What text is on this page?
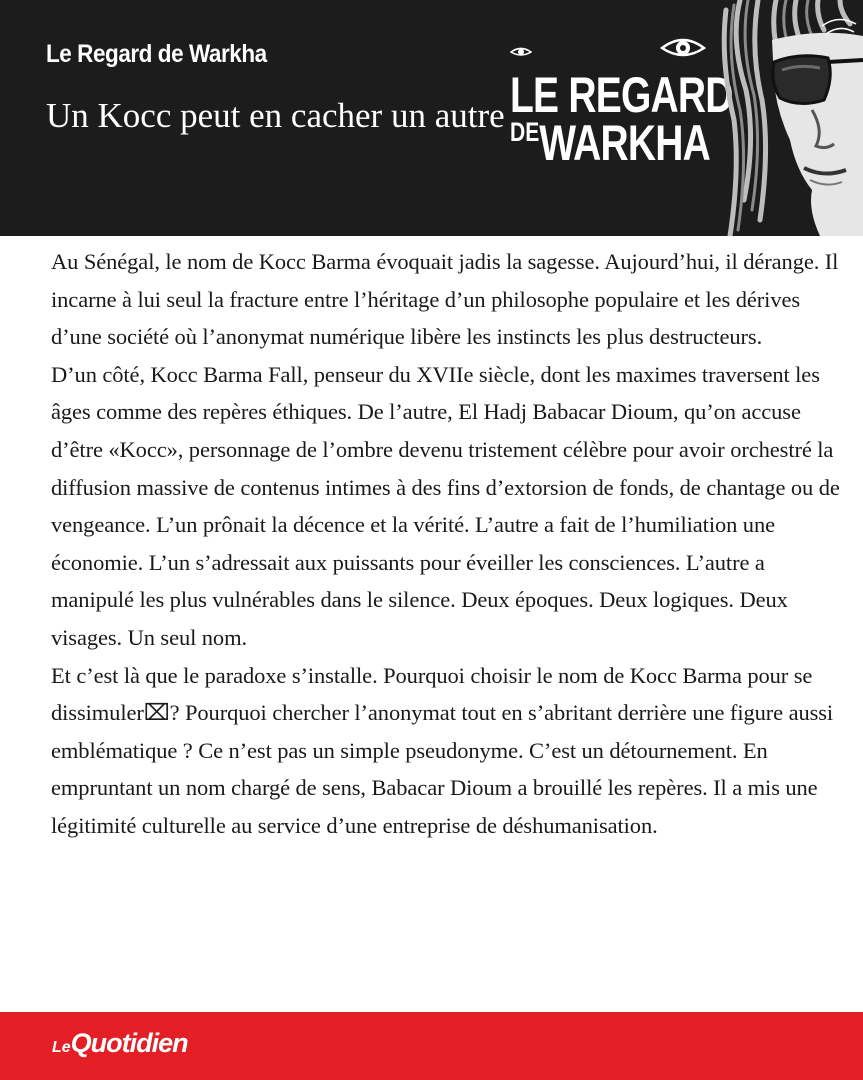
Le Regard de Warkha
Un Kocc peut en cacher un autre LE REGARD
DEWARKHA

Au Sénégal, le nom de Kocc Barma évoquait jadis la sagesse. Aujourd’hui, il dérange. Il incarne à lui seul la fracture entre l’héritage d’un philosophe populaire et les dérives d’une société où l’anonymat numérique libère les instincts les plus destructeurs.

D’un côté, Kocc Barma Fall, penseur du XVIIe siècle, dont les maximes traversent les âges comme des repères éthiques. De l’autre, El Hadj Babacar Dioum, qu’on accuse d’être «Kocc», personnage de l’ombre devenu tristement célèbre pour avoir orchestré la diffusion massive de contenus intimes à des fins d’extorsion de fonds, de chantage ou de vengeance. L’un prônait la décence et la vérité. L’autre a fait de l’humiliation une économie. L’un s’adressait aux puissants pour éveiller les consciences. L’autre a manipulé les plus vulnérables dans le silence. Deux époques. Deux logiques. Deux visages. Un seul nom.

Et c’est là que le paradoxe s’installe. Pourquoi choisir le nom de Kocc Barma pour se dissimuler⌧? Pourquoi chercher l’anonymat tout en s’abritant derrière une figure aussi emblématique ? Ce n’est pas un simple pseudonyme. C’est un détournement. En empruntant un nom chargé de sens, Babacar Dioum a brouillé les repères. Il a mis une légitimité culturelle au service d’une entreprise de déshumanisation.

LeQuotidien
